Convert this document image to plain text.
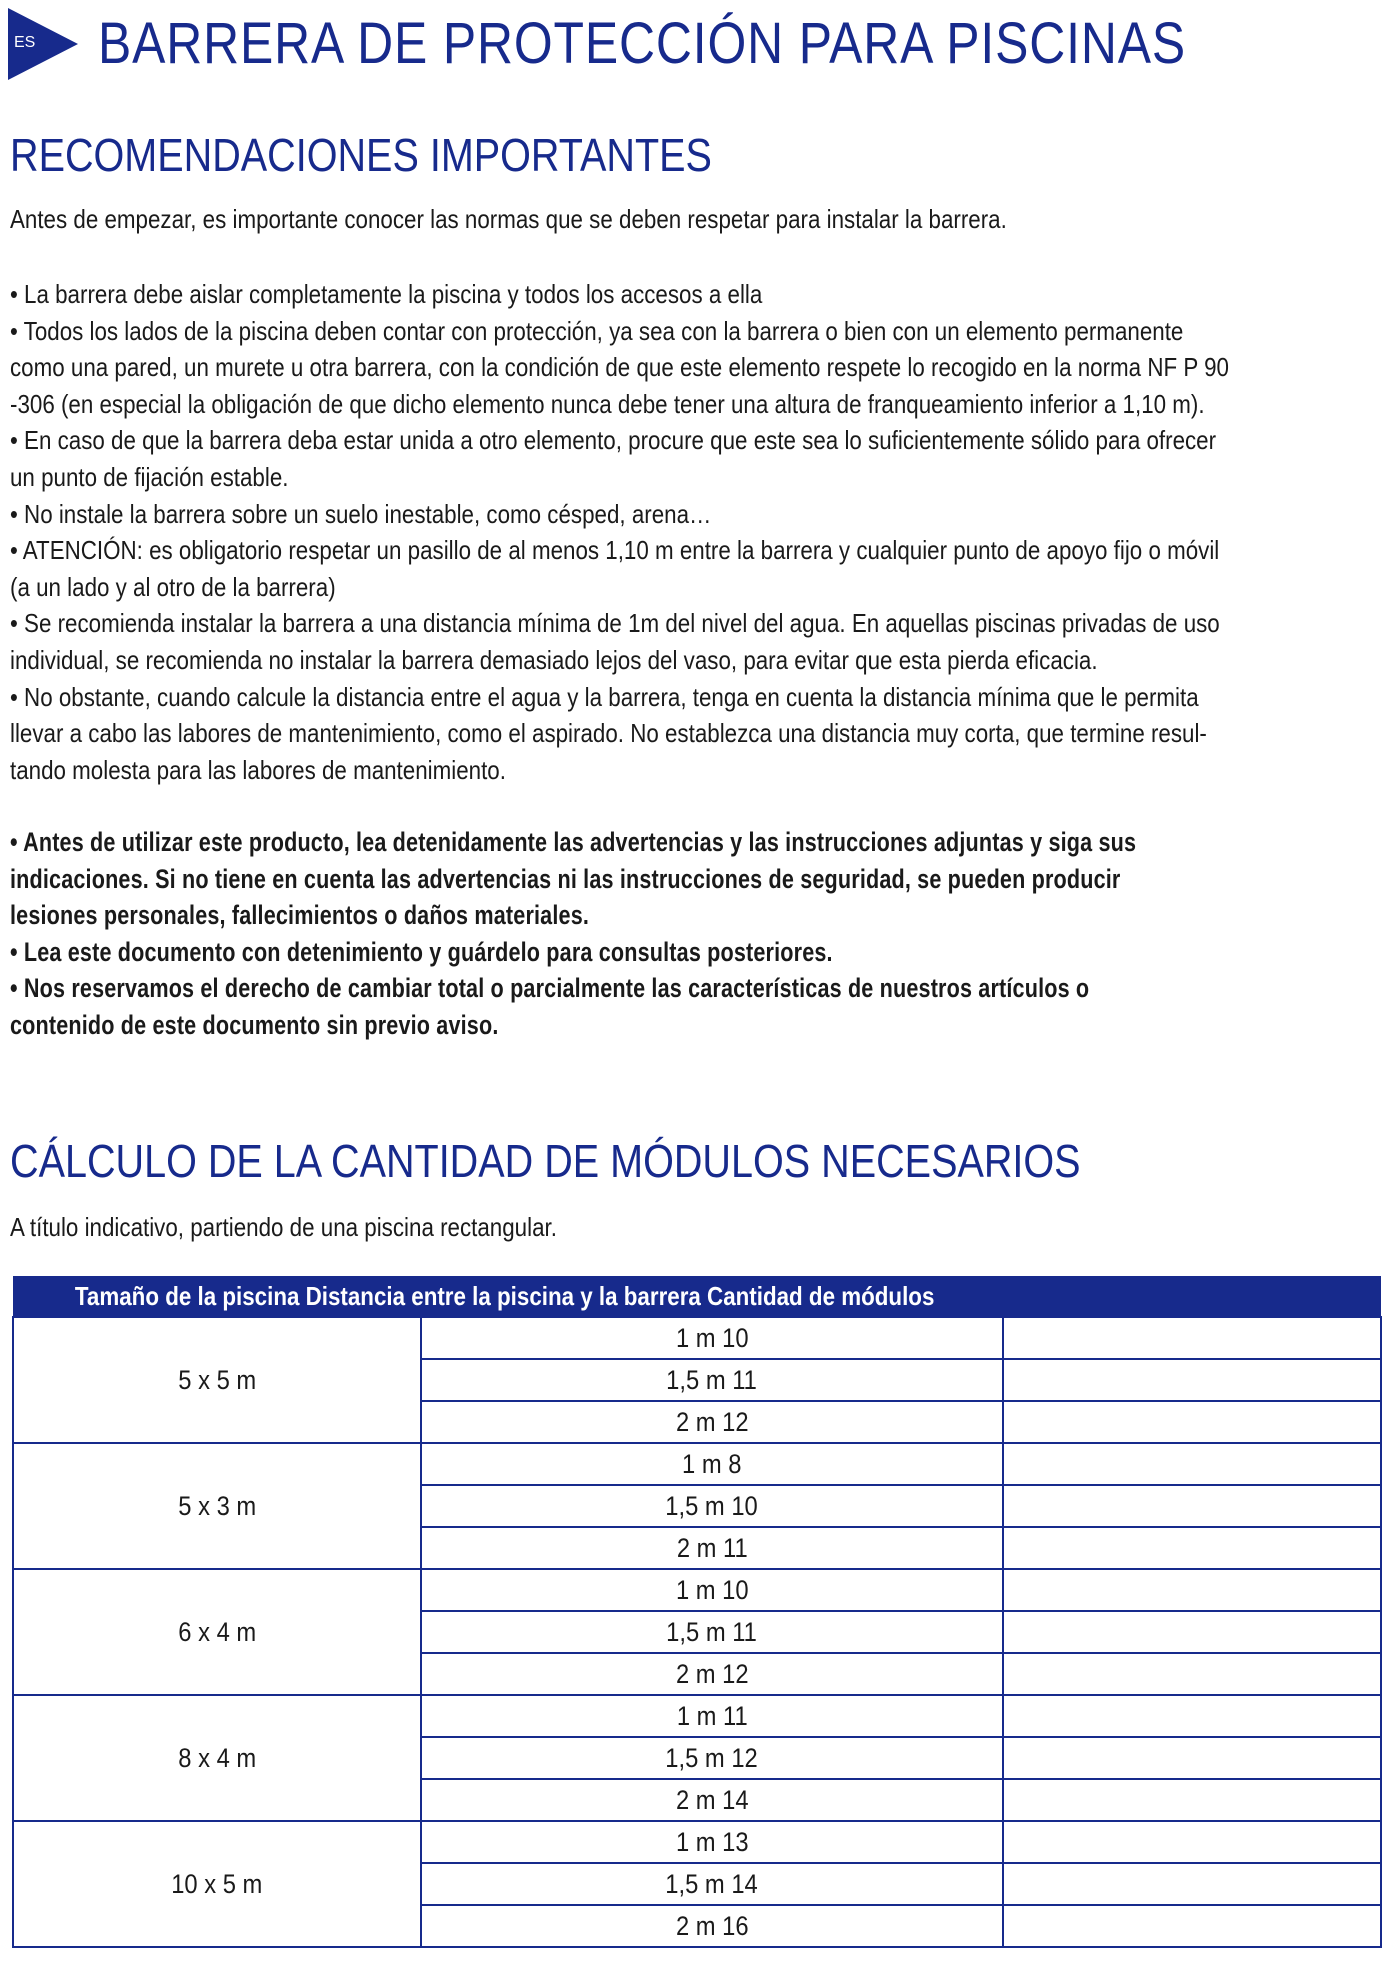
ES BARRERA DE PROTECCIÓN PARA PISCINAS
RECOMENDACIONES IMPORTANTES

Antes de empezar, es importante conocer las normas que se deben respetar para instalar la barrera.

• La barrera debe aislar completamente la piscina y todos los accesos a ella
• Todos los lados de la piscina deben contar con protección, ya sea con la barrera o bien con un elemento permanente
como una pared, un murete u otra barrera, con la condición de que este elemento respete lo recogido en la norma NF P 90
-306 (en especial la obligación de que dicho elemento nunca debe tener una altura de franqueamiento inferior a 1,10 m).
• En caso de que la barrera deba estar unida a otro elemento, procure que este sea lo suficientemente sólido para ofrecer
un punto de fijación estable.
• No instale la barrera sobre un suelo inestable, como césped, arena…
• ATENCIÓN: es obligatorio respetar un pasillo de al menos 1,10 m entre la barrera y cualquier punto de apoyo fijo o móvil
(a un lado y al otro de la barrera)
• Se recomienda instalar la barrera a una distancia mínima de 1m del nivel del agua. En aquellas piscinas privadas de uso
individual, se recomienda no instalar la barrera demasiado lejos del vaso, para evitar que esta pierda eficacia.
• No obstante, cuando calcule la distancia entre el agua y la barrera, tenga en cuenta la distancia mínima que le permita
llevar a cabo las labores de mantenimiento, como el aspirado. No establezca una distancia muy corta, que termine resul-
tando molesta para las labores de mantenimiento.
• Antes de utilizar este producto, lea detenidamente las advertencias y las instrucciones adjuntas y siga sus
indicaciones. Si no tiene en cuenta las advertencias ni las instrucciones de seguridad, se pueden producir
lesiones personales, fallecimientos o daños materiales.
• Lea este documento con detenimiento y guárdelo para consultas posteriores.
• Nos reservamos el derecho de cambiar total o parcialmente las características de nuestros artículos o
contenido de este documento sin previo aviso.
CÁLCULO DE LA CANTIDAD DE MÓDULOS NECESARIOS

A título indicativo, partiendo de una piscina rectangular.

Tamaño de la piscina Distancia entre la piscina y la barrera Cantidad de módulos		
5 x 5 m	1 m 10	
	1,5 m 11	
	2 m 12	
5 x 3 m	1 m 8	
	1,5 m 10	
	2 m 11	
6 x 4 m	1 m 10	
	1,5 m 11	
	2 m 12	
8 x 4 m	1 m 11	
	1,5 m 12	
	2 m 14	
10 x 5 m	1 m 13	
	1,5 m 14	
	2 m 16	
